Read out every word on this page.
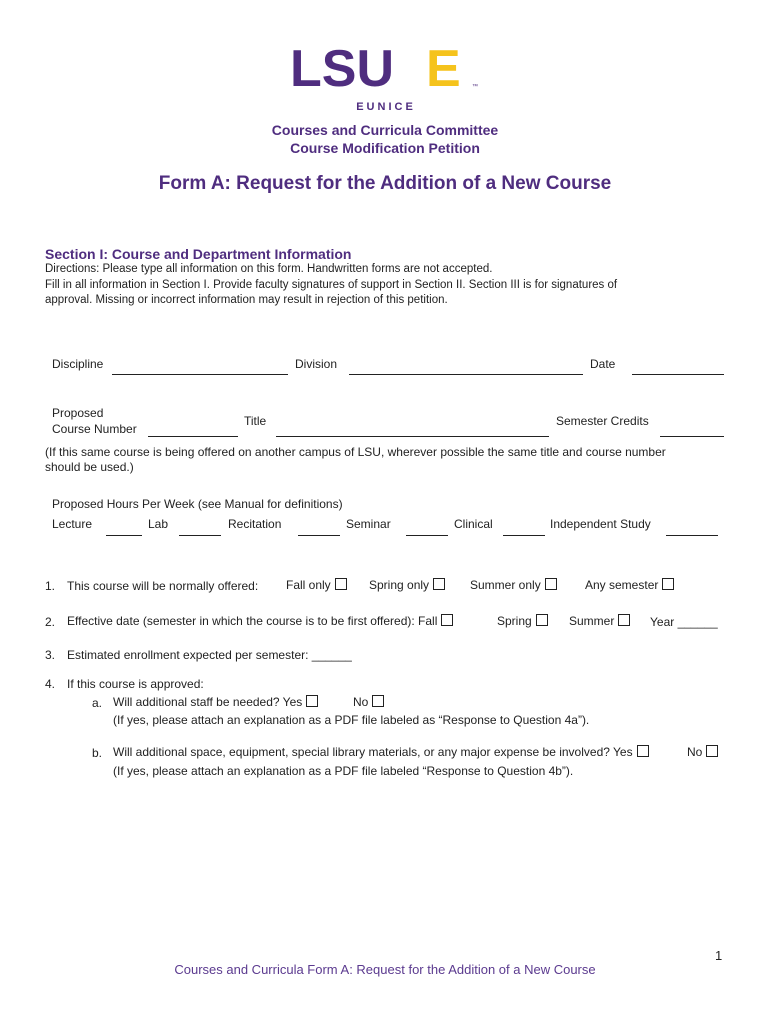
LSU E ™
EUNICE
Courses and Curricula Committee
Course Modification Petition
Form A: Request for the Addition of a New Course
Section I: Course and Department Information
Directions: Please type all information on this form. Handwritten forms are not accepted.
Fill in all information in Section I. Provide faculty signatures of support in Section II. Section III is for signatures of
approval. Missing or incorrect information may result in rejection of this petition.
Discipline	Division	Date
Proposed
Course Number
Title	Semester Credits
(If this same course is being offered on another campus of LSU, wherever possible the same title and course number
should be used.)
Proposed Hours Per Week (see Manual for definitions)
Lecture	Lab	Recitation	Seminar	Clinical	Independent Study
1. This course will be normally offered: Fall only	Spring only	Summer only	Any semester
2. Effective date (semester in which the course is to be first offered): Fall	Spring	Summer	Year ______
3. Estimated enrollment expected per semester: ______
4. If this course is approved:
a. Will additional staff be needed? Yes	No
(If yes, please attach an explanation as a PDF file labeled as “Response to Question 4a”).
b. Will additional space, equipment, special library materials, or any major expense be involved? Yes	No
(If yes, please attach an explanation as a PDF file labeled “Response to Question 4b”).
1
Courses and Curricula Form A: Request for the Addition of a New Course
